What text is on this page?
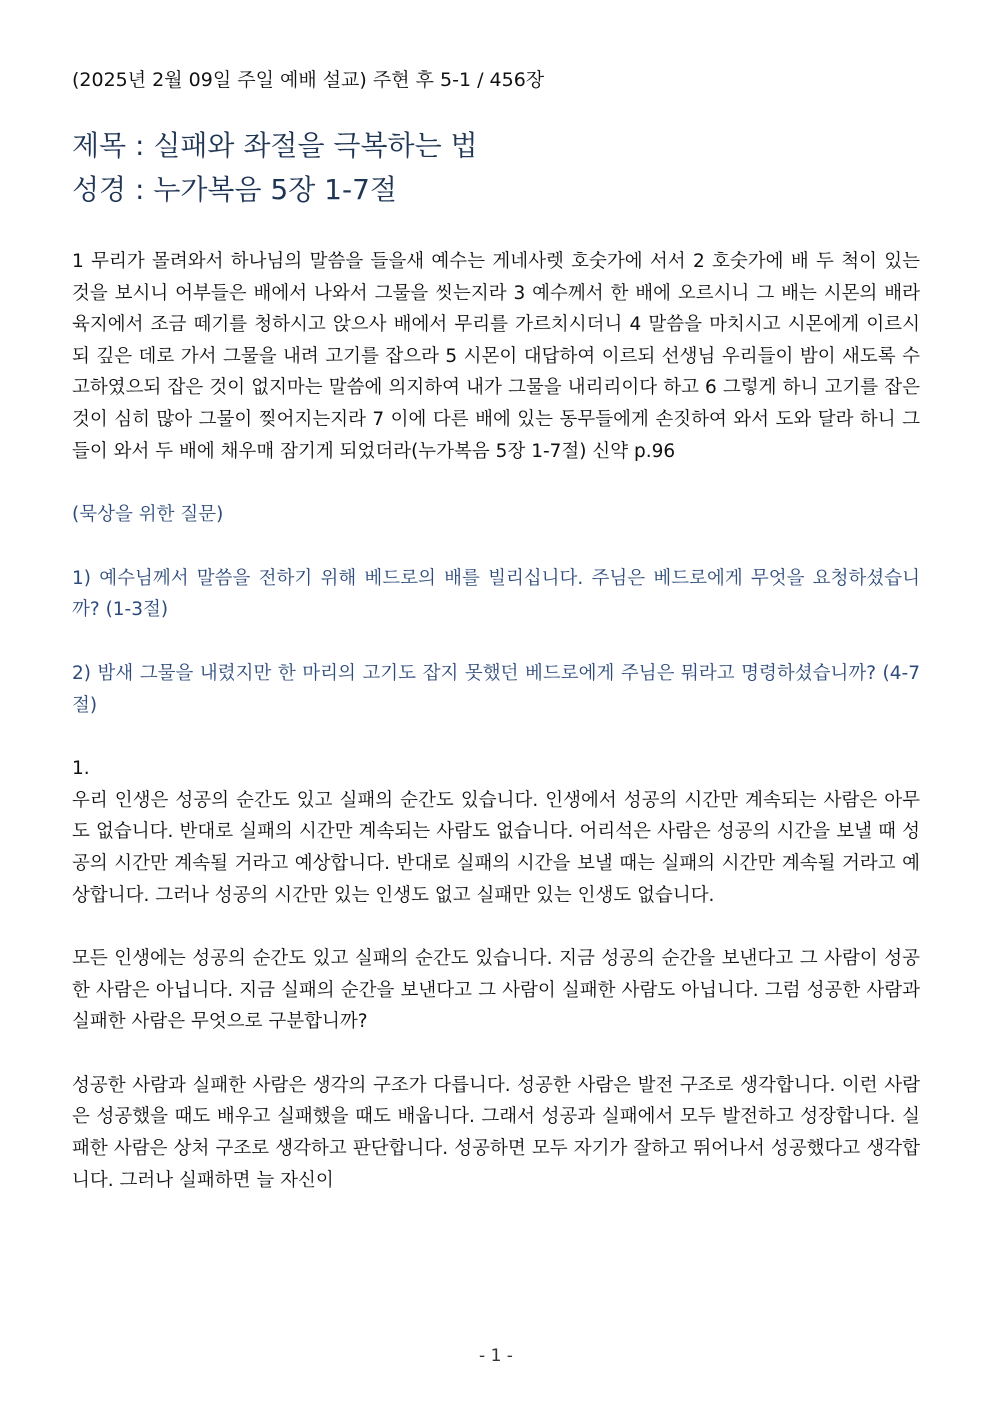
(2025년 2월 09일 주일 예배 설교) 주현 후 5-1 / 456장

제목 : 실패와 좌절을 극복하는 법

성경 : 누가복음 5장 1-7절

1 무리가 몰려와서 하나님의 말씀을 들을새 예수는 게네사렛 호숫가에 서서 2 호숫가에 배 두 척이 있는 것을 보시니 어부들은 배에서 나와서 그물을 씻는지라 3 예수께서 한 배에 오르시니 그 배는 시몬의 배라 육지에서 조금 떼기를 청하시고 앉으사 배에서 무리를 가르치시더니 4 말씀을 마치시고 시몬에게 이르시되 깊은 데로 가서 그물을 내려 고기를 잡으라 5 시몬이 대답하여 이르되 선생님 우리들이 밤이 새도록 수고하였으되 잡은 것이 없지마는 말씀에 의지하여 내가 그물을 내리리이다 하고 6 그렇게 하니 고기를 잡은 것이 심히 많아 그물이 찢어지는지라 7 이에 다른 배에 있는 동무들에게 손짓하여 와서 도와 달라 하니 그들이 와서 두 배에 채우매 잠기게 되었더라(누가복음 5장 1-7절) 신약 p.96

(묵상을 위한 질문)

1) 예수님께서 말씀을 전하기 위해 베드로의 배를 빌리십니다. 주님은 베드로에게 무엇을 요청하셨습니까? (1-3절)

2) 밤새 그물을 내렸지만 한 마리의 고기도 잡지 못했던 베드로에게 주님은 뭐라고 명령하셨습니까? (4-7절)

1.

우리 인생은 성공의 순간도 있고 실패의 순간도 있습니다. 인생에서 성공의 시간만 계속되는 사람은 아무도 없습니다. 반대로 실패의 시간만 계속되는 사람도 없습니다. 어리석은 사람은 성공의 시간을 보낼 때 성공의 시간만 계속될 거라고 예상합니다. 반대로 실패의 시간을 보낼 때는 실패의 시간만 계속될 거라고 예상합니다. 그러나 성공의 시간만 있는 인생도 없고 실패만 있는 인생도 없습니다.

모든 인생에는 성공의 순간도 있고 실패의 순간도 있습니다. 지금 성공의 순간을 보낸다고 그 사람이 성공한 사람은 아닙니다. 지금 실패의 순간을 보낸다고 그 사람이 실패한 사람도 아닙니다. 그럼 성공한 사람과 실패한 사람은 무엇으로 구분합니까?

성공한 사람과 실패한 사람은 생각의 구조가 다릅니다. 성공한 사람은 발전 구조로 생각합니다. 이런 사람은 성공했을 때도 배우고 실패했을 때도 배웁니다. 그래서 성공과 실패에서 모두 발전하고 성장합니다. 실패한 사람은 상처 구조로 생각하고 판단합니다. 성공하면 모두 자기가 잘하고 뛰어나서 성공했다고 생각합니다. 그러나 실패하면 늘 자신이

- 1 -
